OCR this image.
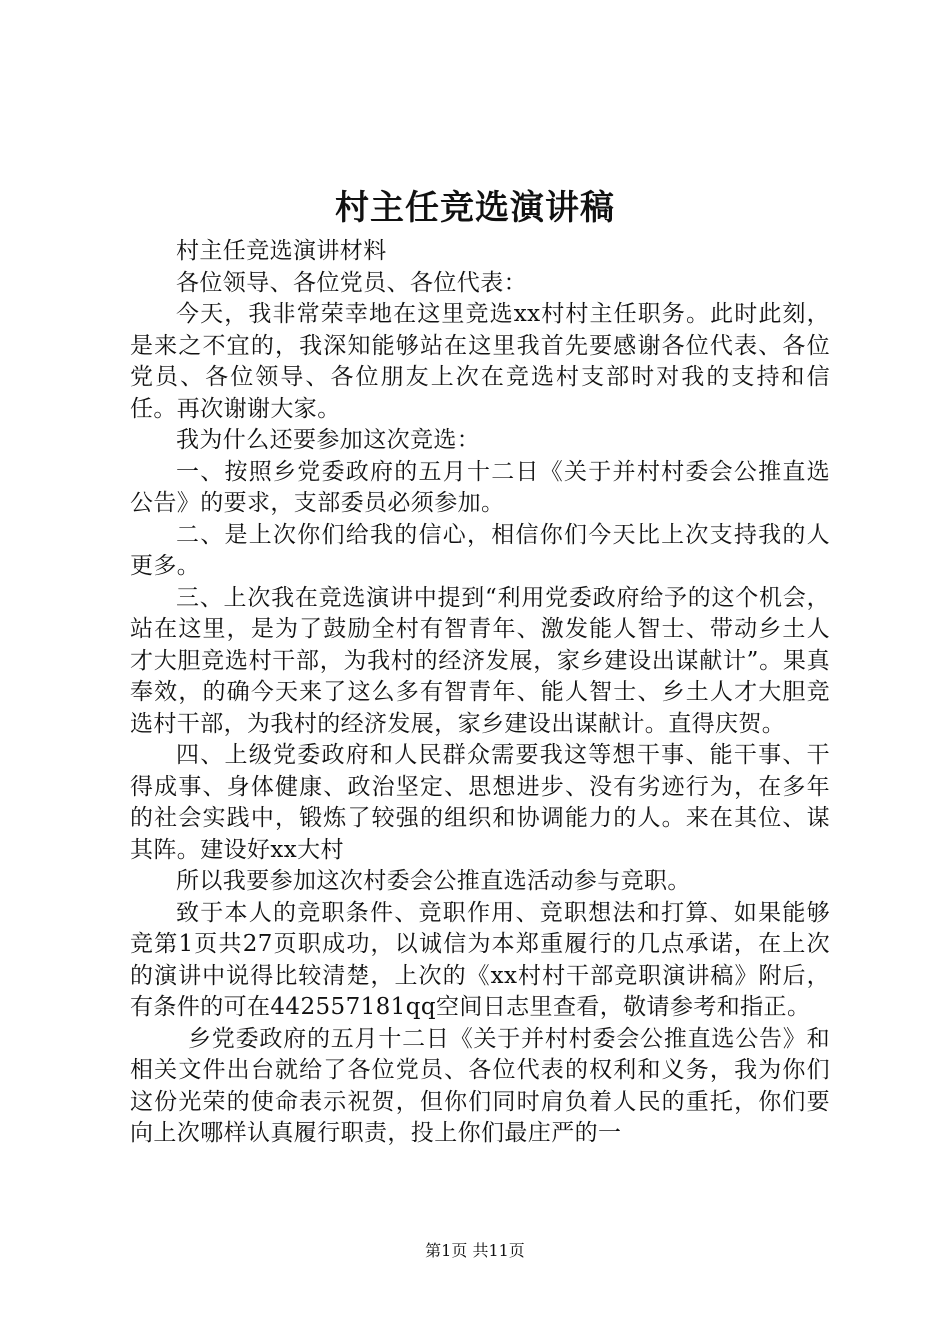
村主任竞选演讲稿

村主任竞选演讲材料

各位领导、各位党员、各位代表：

今天，我非常荣幸地在这里竞选xx村村主任职务。此时此刻，是来之不宜的，我深知能够站在这里我首先要感谢各位代表、各位党员、各位领导、各位朋友上次在竞选村支部时对我的支持和信任。再次谢谢大家。

我为什么还要参加这次竞选：

一、按照乡党委政府的五月十二日《关于并村村委会公推直选公告》的要求，支部委员必须参加。

二、是上次你们给我的信心，相信你们今天比上次支持我的人更多。

三、上次我在竞选演讲中提到“利用党委政府给予的这个机会，站在这里，是为了鼓励全村有智青年、激发能人智士、带动乡土人才大胆竞选村干部，为我村的经济发展，家乡建设出谋献计”。果真奉效，的确今天来了这么多有智青年、能人智士、乡土人才大胆竞选村干部，为我村的经济发展，家乡建设出谋献计。直得庆贺。

四、上级党委政府和人民群众需要我这等想干事、能干事、干得成事、身体健康、政治坚定、思想进步、没有劣迹行为，在多年的社会实践中，锻炼了较强的组织和协调能力的人。来在其位、谋其阵。建设好xx大村

所以我要参加这次村委会公推直选活动参与竞职。

致于本人的竞职条件、竞职作用、竞职想法和打算、如果能够竞第1页共27页职成功，以诚信为本郑重履行的几点承诺，在上次的演讲中说得比较清楚，上次的《xx村村干部竞职演讲稿》附后，有条件的可在442557181qq空间日志里查看，敬请参考和指正。

乡党委政府的五月十二日《关于并村村委会公推直选公告》和相关文件出台就给了各位党员、各位代表的权利和义务，我为你们这份光荣的使命表示祝贺，但你们同时肩负着人民的重托，你们要向上次哪样认真履行职责，投上你们最庄严的一

第1页 共11页
